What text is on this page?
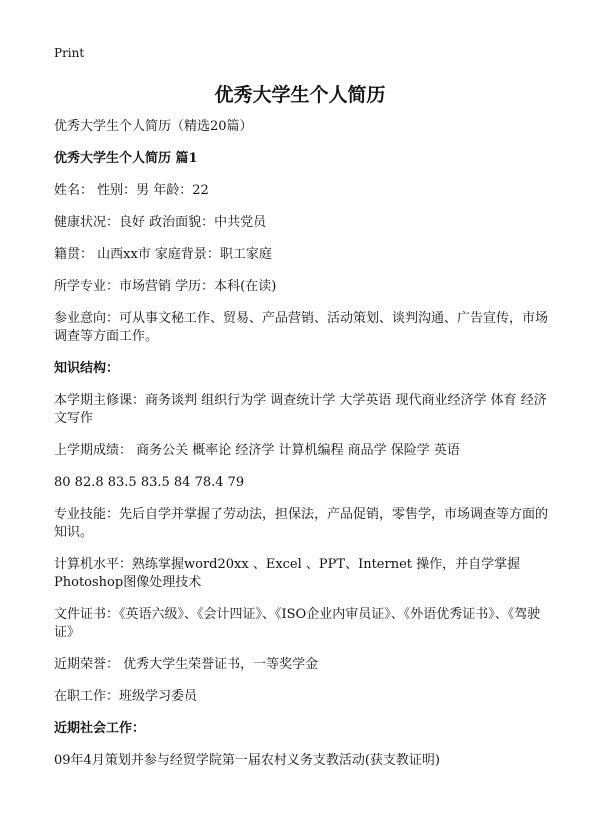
Print
优秀大学生个人简历

优秀大学生个人简历（精选20篇）

优秀大学生个人简历 篇1

姓名： 性别：男 年龄：22

健康状况：良好 政治面貌：中共党员

籍贯： 山西xx市 家庭背景：职工家庭

所学专业：市场营销 学历：本科(在读)

参业意向：可从事文秘工作、贸易、产品营销、活动策划、谈判沟通、广告宣传，市场调查等方面工作。

知识结构：

本学期主修课：商务谈判 组织行为学 调查统计学 大学英语 现代商业经济学 体育 经济文写作

上学期成绩： 商务公关 概率论 经济学 计算机编程 商品学 保险学 英语

80 82.8 83.5 83.5 84 78.4 79

专业技能：先后自学并掌握了劳动法，担保法，产品促销，零售学，市场调查等方面的知识。

计算机水平：熟练掌握word20xx 、Excel 、PPT、Internet 操作，并自学掌握Photoshop图像处理技术

文件证书：《英语六级》、《会计四证》、《ISO企业内审员证》、《外语优秀证书》、《驾驶证》

近期荣誉： 优秀大学生荣誉证书，一等奖学金

在职工作：班级学习委员

近期社会工作：

09年4月策划并参与经贸学院第一届农村义务支教活动(获支教证明)
